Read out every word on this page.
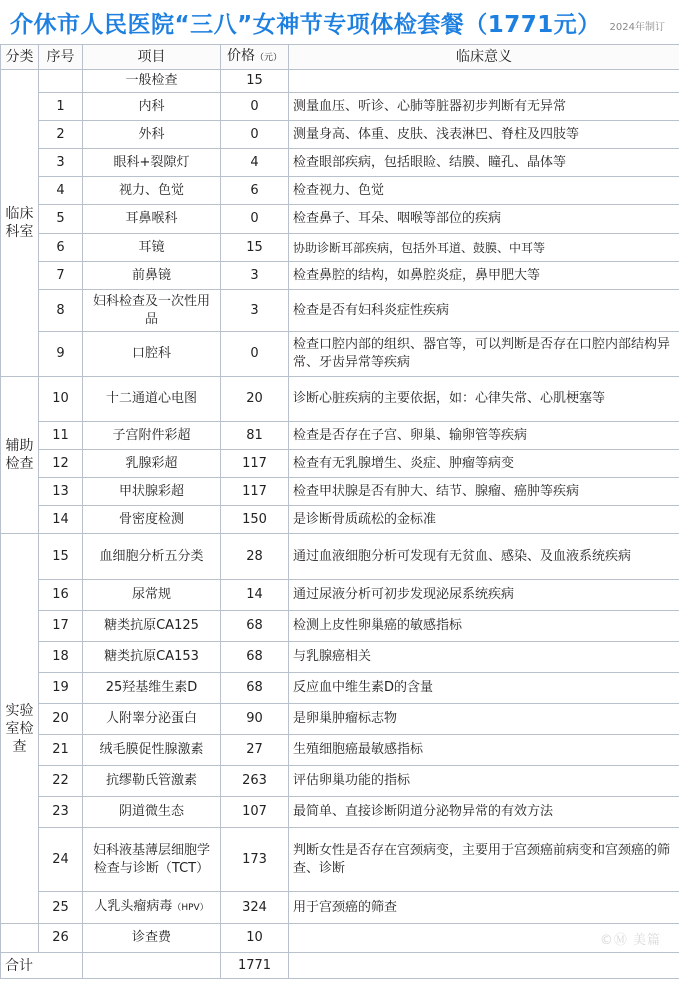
介休市人民医院“三八”女神节专项体检套餐（1771元） 2024年制订
分类	序号	项目	价格（元）	临床意义
临床科室		一般检查	15	
	1	内科	0	测量血压、听诊、心肺等脏器初步判断有无异常
	2	外科	0	测量身高、体重、皮肤、浅表淋巴、脊柱及四肢等
	3	眼科+裂隙灯	4	检查眼部疾病，包括眼睑、结膜、瞳孔、晶体等
	4	视力、色觉	6	检查视力、色觉
	5	耳鼻喉科	0	检查鼻子、耳朵、咽喉等部位的疾病
	6	耳镜	15	协助诊断耳部疾病，包括外耳道、鼓膜、中耳等
	7	前鼻镜	3	检查鼻腔的结构，如鼻腔炎症，鼻甲肥大等
	8	妇科检查及一次性用品	3	检查是否有妇科炎症性疾病
	9	口腔科	0	检查口腔内部的组织、器官等，可以判断是否存在口腔内部结构异常、牙齿异常等疾病
辅助检查	10	十二通道心电图	20	诊断心脏疾病的主要依据，如：心律失常、心肌梗塞等
	11	子宫附件彩超	81	检查是否存在子宫、卵巢、输卵管等疾病
	12	乳腺彩超	117	检查有无乳腺增生、炎症、肿瘤等病变
	13	甲状腺彩超	117	检查甲状腺是否有肿大、结节、腺瘤、癌肿等疾病
	14	骨密度检测	150	是诊断骨质疏松的金标准
实验室检查	15	血细胞分析五分类	28	通过血液细胞分析可发现有无贫血、感染、及血液系统疾病
	16	尿常规	14	通过尿液分析可初步发现泌尿系统疾病
	17	糖类抗原CA125	68	检测上皮性卵巢癌的敏感指标
	18	糖类抗原CA153	68	与乳腺癌相关
	19	25羟基维生素D	68	反应血中维生素D的含量
	20	人附睾分泌蛋白	90	是卵巢肿瘤标志物
	21	绒毛膜促性腺激素	27	生殖细胞癌最敏感指标
	22	抗缪勒氏管激素	263	评估卵巢功能的指标
	23	阴道微生态	107	最简单、直接诊断阴道分泌物异常的有效方法
	24	妇科液基薄层细胞学检查与诊断（TCT）	173	判断女性是否存在宫颈病变，主要用于宫颈癌前病变和宫颈癌的筛查、诊断
	25	人乳头瘤病毒（HPV）	324	用于宫颈癌的筛查
	26	诊查费	10	
合计			1771	
©Ⓜ 美篇
